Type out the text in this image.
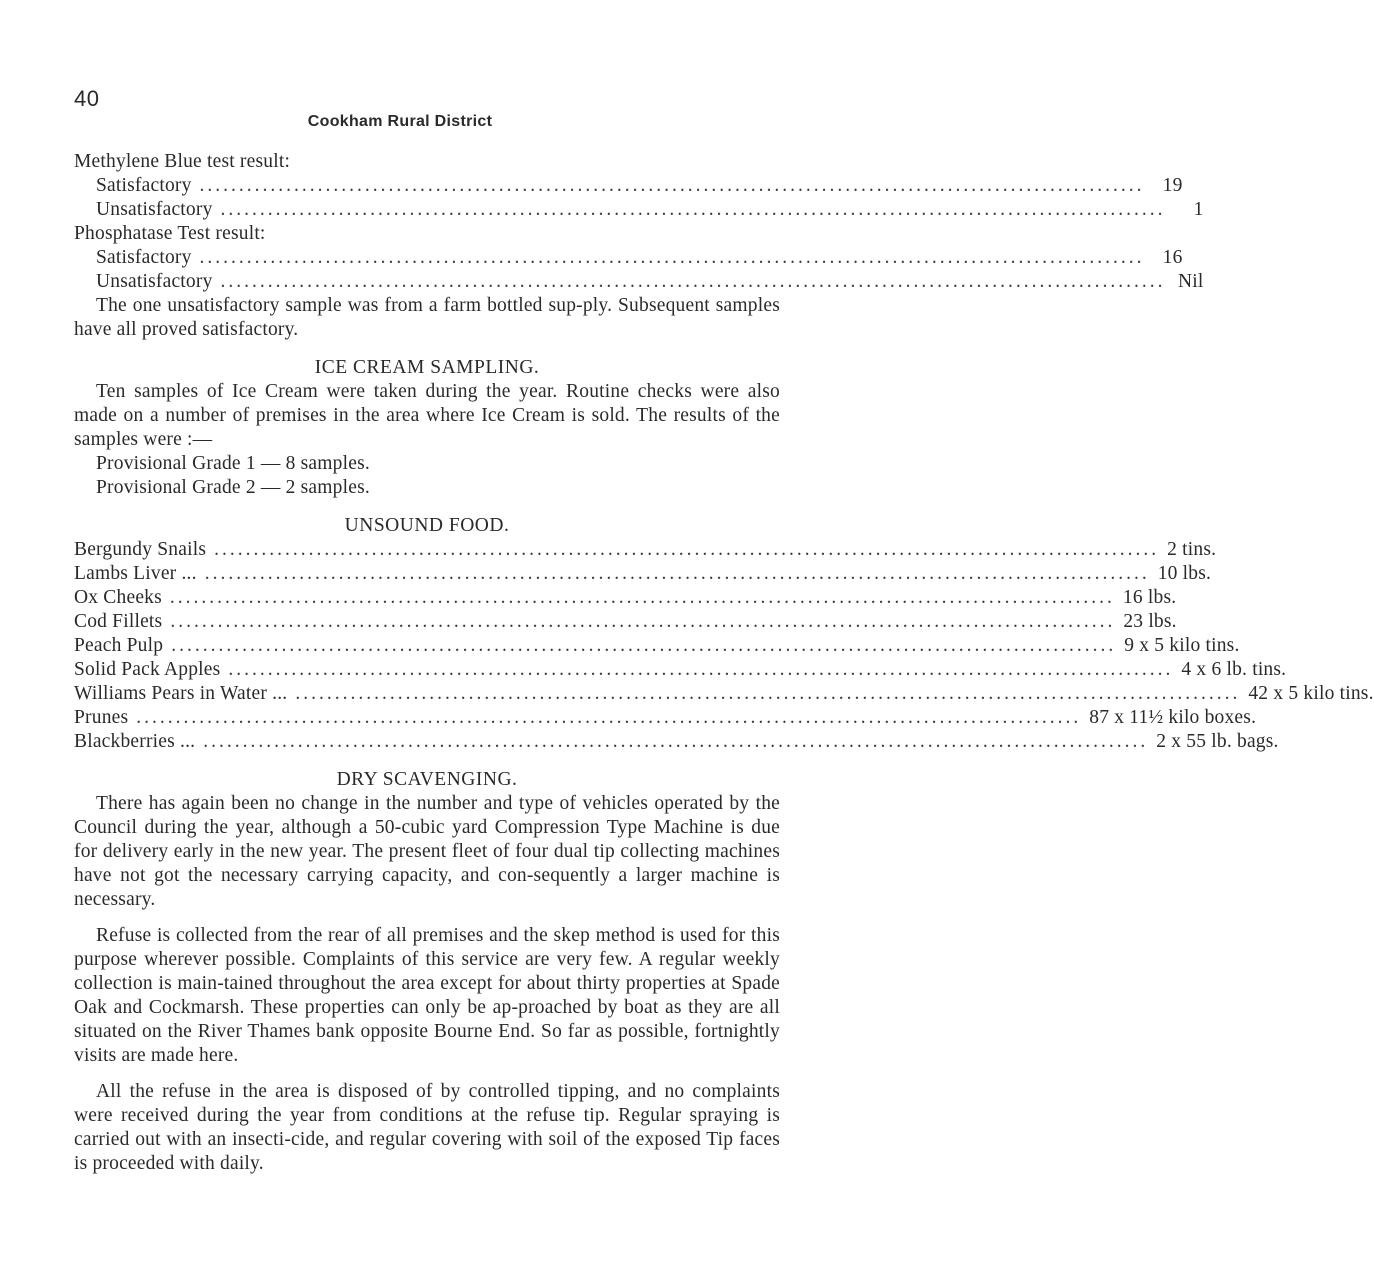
40
Cookham Rural District
Methylene Blue test result:
Satisfactory ........................................................................................................................ 19
Unsatisfactory ........................................................................................................................	1
Phosphatase Test result:
Satisfactory ........................................................................................................................ 16
Unsatisfactory ........................................................................................................................ Nil

The one unsatisfactory sample was from a farm bottled sup-ply. Subsequent samples have all proved satisfactory.

ICE CREAM SAMPLING.

Ten samples of Ice Cream were taken during the year. Routine checks were also made on a number of premises in the area where Ice Cream is sold. The results of the samples were :—

Provisional Grade 1 — 8 samples.
Provisional Grade 2 — 2 samples.
UNSOUND FOOD.
Bergundy Snails ........................................................................................................................ 2 tins.
Lambs Liver ... ........................................................................................................................ 10 lbs.
Ox Cheeks ........................................................................................................................ 16 lbs.
Cod Fillets ........................................................................................................................ 23 lbs.
Peach Pulp ........................................................................................................................ 9 x 5 kilo tins.
Solid Pack Apples ........................................................................................................................ 4 x 6 lb. tins.
Williams Pears in Water ... ........................................................................................................................ 42 x 5 kilo tins.
Prunes ........................................................................................................................ 87 x 11½ kilo boxes.
Blackberries ... ........................................................................................................................ 2 x 55 lb. bags.
DRY SCAVENGING.

There has again been no change in the number and type of vehicles operated by the Council during the year, although a 50-cubic yard Compression Type Machine is due for delivery early in the new year. The present fleet of four dual tip collecting machines have not got the necessary carrying capacity, and con-sequently a larger machine is necessary.

Refuse is collected from the rear of all premises and the skep method is used for this purpose wherever possible. Complaints of this service are very few. A regular weekly collection is main-tained throughout the area except for about thirty properties at Spade Oak and Cockmarsh. These properties can only be ap-proached by boat as they are all situated on the River Thames bank opposite Bourne End. So far as possible, fortnightly visits are made here.

All the refuse in the area is disposed of by controlled tipping, and no complaints were received during the year from conditions at the refuse tip. Regular spraying is carried out with an insecti-cide, and regular covering with soil of the exposed Tip faces is proceeded with daily.
